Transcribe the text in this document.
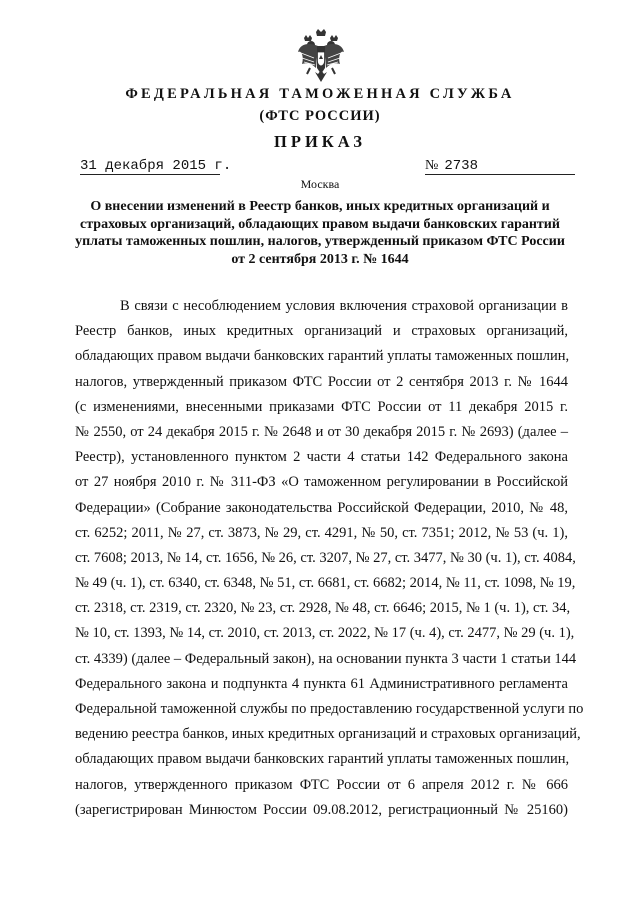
ФЕДЕРАЛЬНАЯ ТАМОЖЕННАЯ СЛУЖБА
(ФТС РОССИИ)
ПРИКАЗ
31 декабря 2015 г.	№ 2738
Москва
О внесении изменений в Реестр банков, иных кредитных организаций и
страховых организаций, обладающих правом выдачи банковских гарантий
уплаты таможенных пошлин, налогов, утвержденный приказом ФТС России
от 2 сентября 2013 г. № 1644
В связи с несоблюдением условия включения страховой организации в
Реестр банков, иных кредитных организаций и страховых организаций,
обладающих правом выдачи банковских гарантий уплаты таможенных пошлин,
налогов, утвержденный приказом ФТС России от 2 сентября 2013 г. № 1644
(с изменениями, внесенными приказами ФТС России от 11 декабря 2015 г.
№ 2550, от 24 декабря 2015 г. № 2648 и от 30 декабря 2015 г. № 2693) (далее –
Реестр), установленного пунктом 2 части 4 статьи 142 Федерального закона
от 27 ноября 2010 г. № 311-ФЗ «О таможенном регулировании в Российской
Федерации» (Собрание законодательства Российской Федерации, 2010, № 48,
ст. 6252; 2011, № 27, ст. 3873, № 29, ст. 4291, № 50, ст. 7351; 2012, № 53 (ч. 1),
ст. 7608; 2013, № 14, ст. 1656, № 26, ст. 3207, № 27, ст. 3477, № 30 (ч. 1), ст. 4084,
№ 49 (ч. 1), ст. 6340, ст. 6348, № 51, ст. 6681, ст. 6682; 2014, № 11, ст. 1098, № 19,
ст. 2318, ст. 2319, ст. 2320, № 23, ст. 2928, № 48, ст. 6646; 2015, № 1 (ч. 1), ст. 34,
№ 10, ст. 1393, № 14, ст. 2010, ст. 2013, ст. 2022, № 17 (ч. 4), ст. 2477, № 29 (ч. 1),
ст. 4339) (далее – Федеральный закон), на основании пункта 3 части 1 статьи 144
Федерального закона и подпункта 4 пункта 61 Административного регламента
Федеральной таможенной службы по предоставлению государственной услуги по
ведению реестра банков, иных кредитных организаций и страховых организаций,
обладающих правом выдачи банковских гарантий уплаты таможенных пошлин,
налогов, утвержденного приказом ФТС России от 6 апреля 2012 г. № 666
(зарегистрирован Минюстом России 09.08.2012, регистрационный № 25160)
